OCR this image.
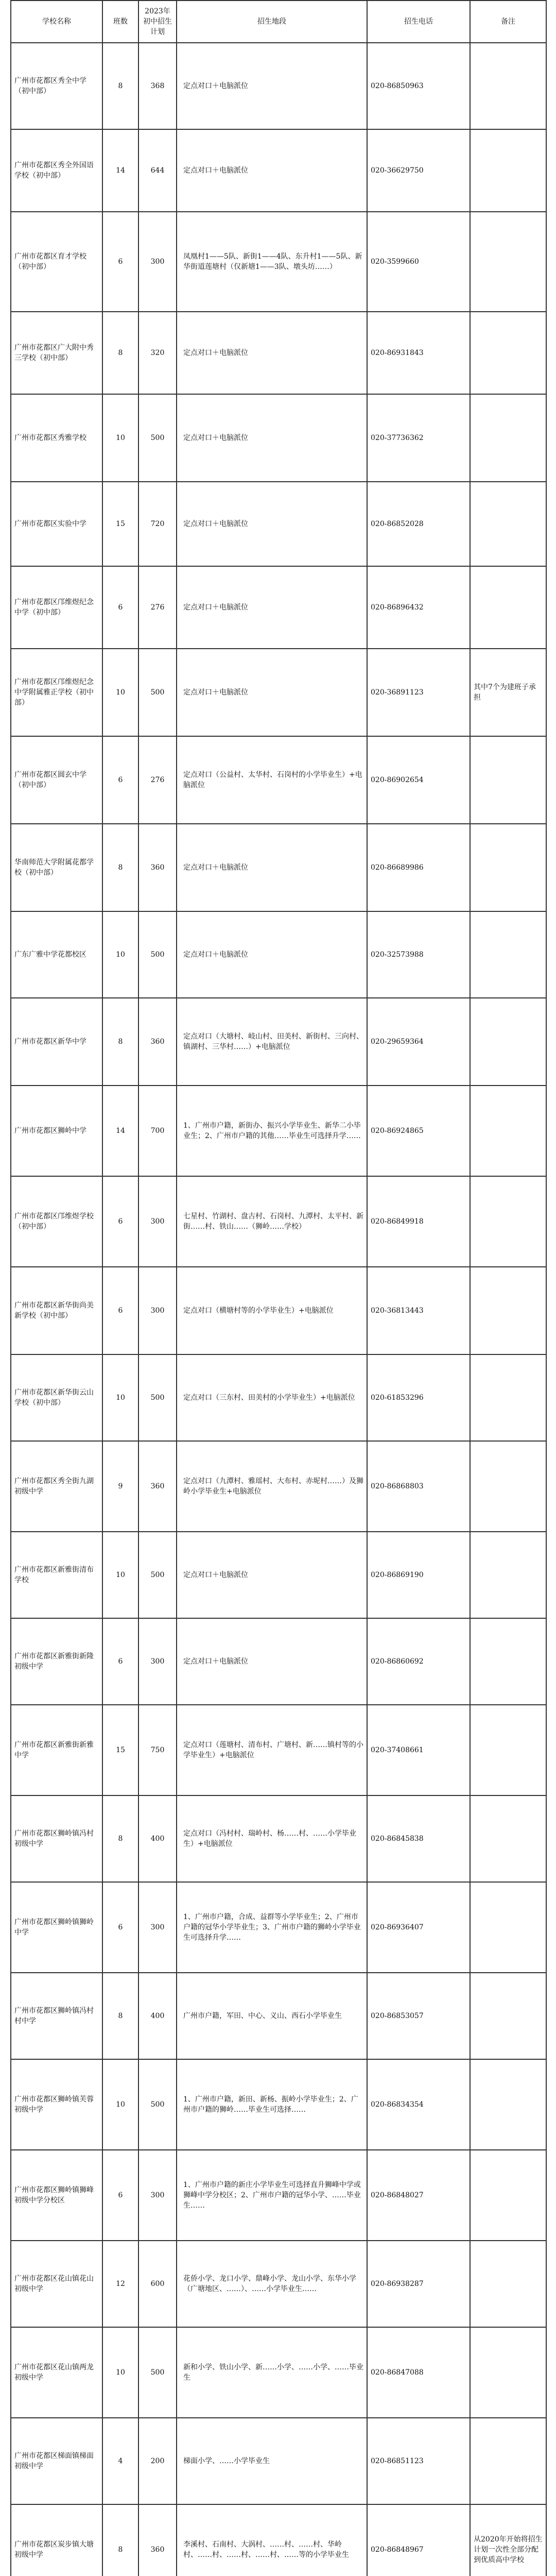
学校名称	班数	2023年初中招生计划	招生地段	招生电话	备注
广州市花都区秀全中学（初中部）	8	368	定点对口＋电脑派位	020-86850963	
广州市花都区秀全外国语学校（初中部）	14	644	定点对口＋电脑派位	020-36629750	
广州市花都区育才学校（初中部）	6	300	凤凰村1——5队、新街1——4队、东升村1——5队、新华街道莲塘村（仅新塘1——3队、墩头坊……）	020-3599660	
广州市花都区广大附中秀三学校（初中部）	8	320	定点对口＋电脑派位	020-86931843	
广州市花都区秀雅学校	10	500	定点对口＋电脑派位	020-37736362	
广州市花都区实验中学	15	720	定点对口＋电脑派位	020-86852028	
广州市花都区邝维煜纪念中学（初中部）	6	276	定点对口＋电脑派位	020-86896432	
广州市花都区邝维煜纪念中学附属雅正学校（初中部）	10	500	定点对口＋电脑派位	020-36891123	其中7个为建班子承担
广州市花都区圆玄中学（初中部）	6	276	定点对口（公益村、太华村、石岗村的小学毕业生）+电脑派位	020-86902654	
华南师范大学附属花都学校（初中部）	8	360	定点对口＋电脑派位	020-86689986	
广东广雅中学花都校区	10	500	定点对口＋电脑派位	020-32573988	
广州市花都区新华中学	8	360	定点对口（大塘村、岐山村、田美村、新街村、三向村、镇湖村、三华村……）+电脑派位	020-29659364	
广州市花都区狮岭中学	14	700	1、广州市户籍，新街办、振兴小学毕业生、新华二小毕业生；2、广州市户籍的其他……毕业生可选择升学……	020-86924865	
广州市花都区邝维煜学校（初中部）	6	300	七星村、竹湖村、盘古村、石岗村、九潭村、太平村、新街……村、铁山……（狮岭……学校）	020-86849918	
广州市花都区新华街尚美新学校（初中部）	6	300	定点对口（横塘村等的小学毕业生）+电脑派位	020-36813443	
广州市花都区新华街云山学校（初中部）	10	500	定点对口（三东村、田美村的小学毕业生）+电脑派位	020-61853296	
广州市花都区秀全街九湖初级中学	9	360	定点对口（九潭村、雅瑶村、大布村、赤坭村……）及狮岭小学毕业生+电脑派位	020-86868803	
广州市花都区新雅街清布学校	10	500	定点对口＋电脑派位	020-86869190	
广州市花都区新雅街新隆初级中学	6	300	定点对口＋电脑派位	020-86860692	
广州市花都区新雅街新雅中学	15	750	定点对口（莲塘村、清布村、广塘村、新……镇村等的小学毕业生）+电脑派位	020-37408661	
广州市花都区狮岭镇冯村初级中学	8	400	定点对口（冯村村、瑞岭村、杨……村、……小学毕业生）+电脑派位	020-86845838	
广州市花都区狮岭镇狮岭中学	6	300	1、广州市户籍，合成、益群等小学毕业生；2、广州市户籍的冠华小学毕业生；3、广州市户籍的狮岭小学毕业生可选择升学……	020-86936407	
广州市花都区狮岭镇冯村村中学	8	400	广州市户籍，军田、中心、义山、西石小学毕业生	020-86853057	
广州市花都区狮岭镇芙蓉初级中学	10	500	1、广州市户籍，新田、新杨、振岭小学毕业生；2、广州市户籍的狮岭……毕业生可选择……	020-86834354	
广州市花都区狮岭镇狮峰初级中学分校区	6	300	1、广州市户籍的新庄小学毕业生可选择直升狮峰中学或狮峰中学分校区；2、广州市户籍的冠华小学、……毕业生……	020-86848027	
广州市花都区花山镇花山初级中学	12	600	花侨小学、龙口小学、鼎峰小学、龙山小学、东华小学（广塘地区、……）、……小学毕业生……	020-86938287	
广州市花都区花山镇两龙初级中学	10	500	新和小学、铁山小学、新……小学、……小学、……毕业生	020-86847088	
广州市花都区梯面镇梯面初级中学	4	200	梯面小学、……小学毕业生	020-86851123	
广州市花都区炭步镇大塘初级中学	8	360	李溪村、石南村、大涡村、……村、……村、华岭村、……村、……村、……村、……等的小学毕业生	020-86848967	从2020年开始将招生计划一次性全部分配到优质高中学校
